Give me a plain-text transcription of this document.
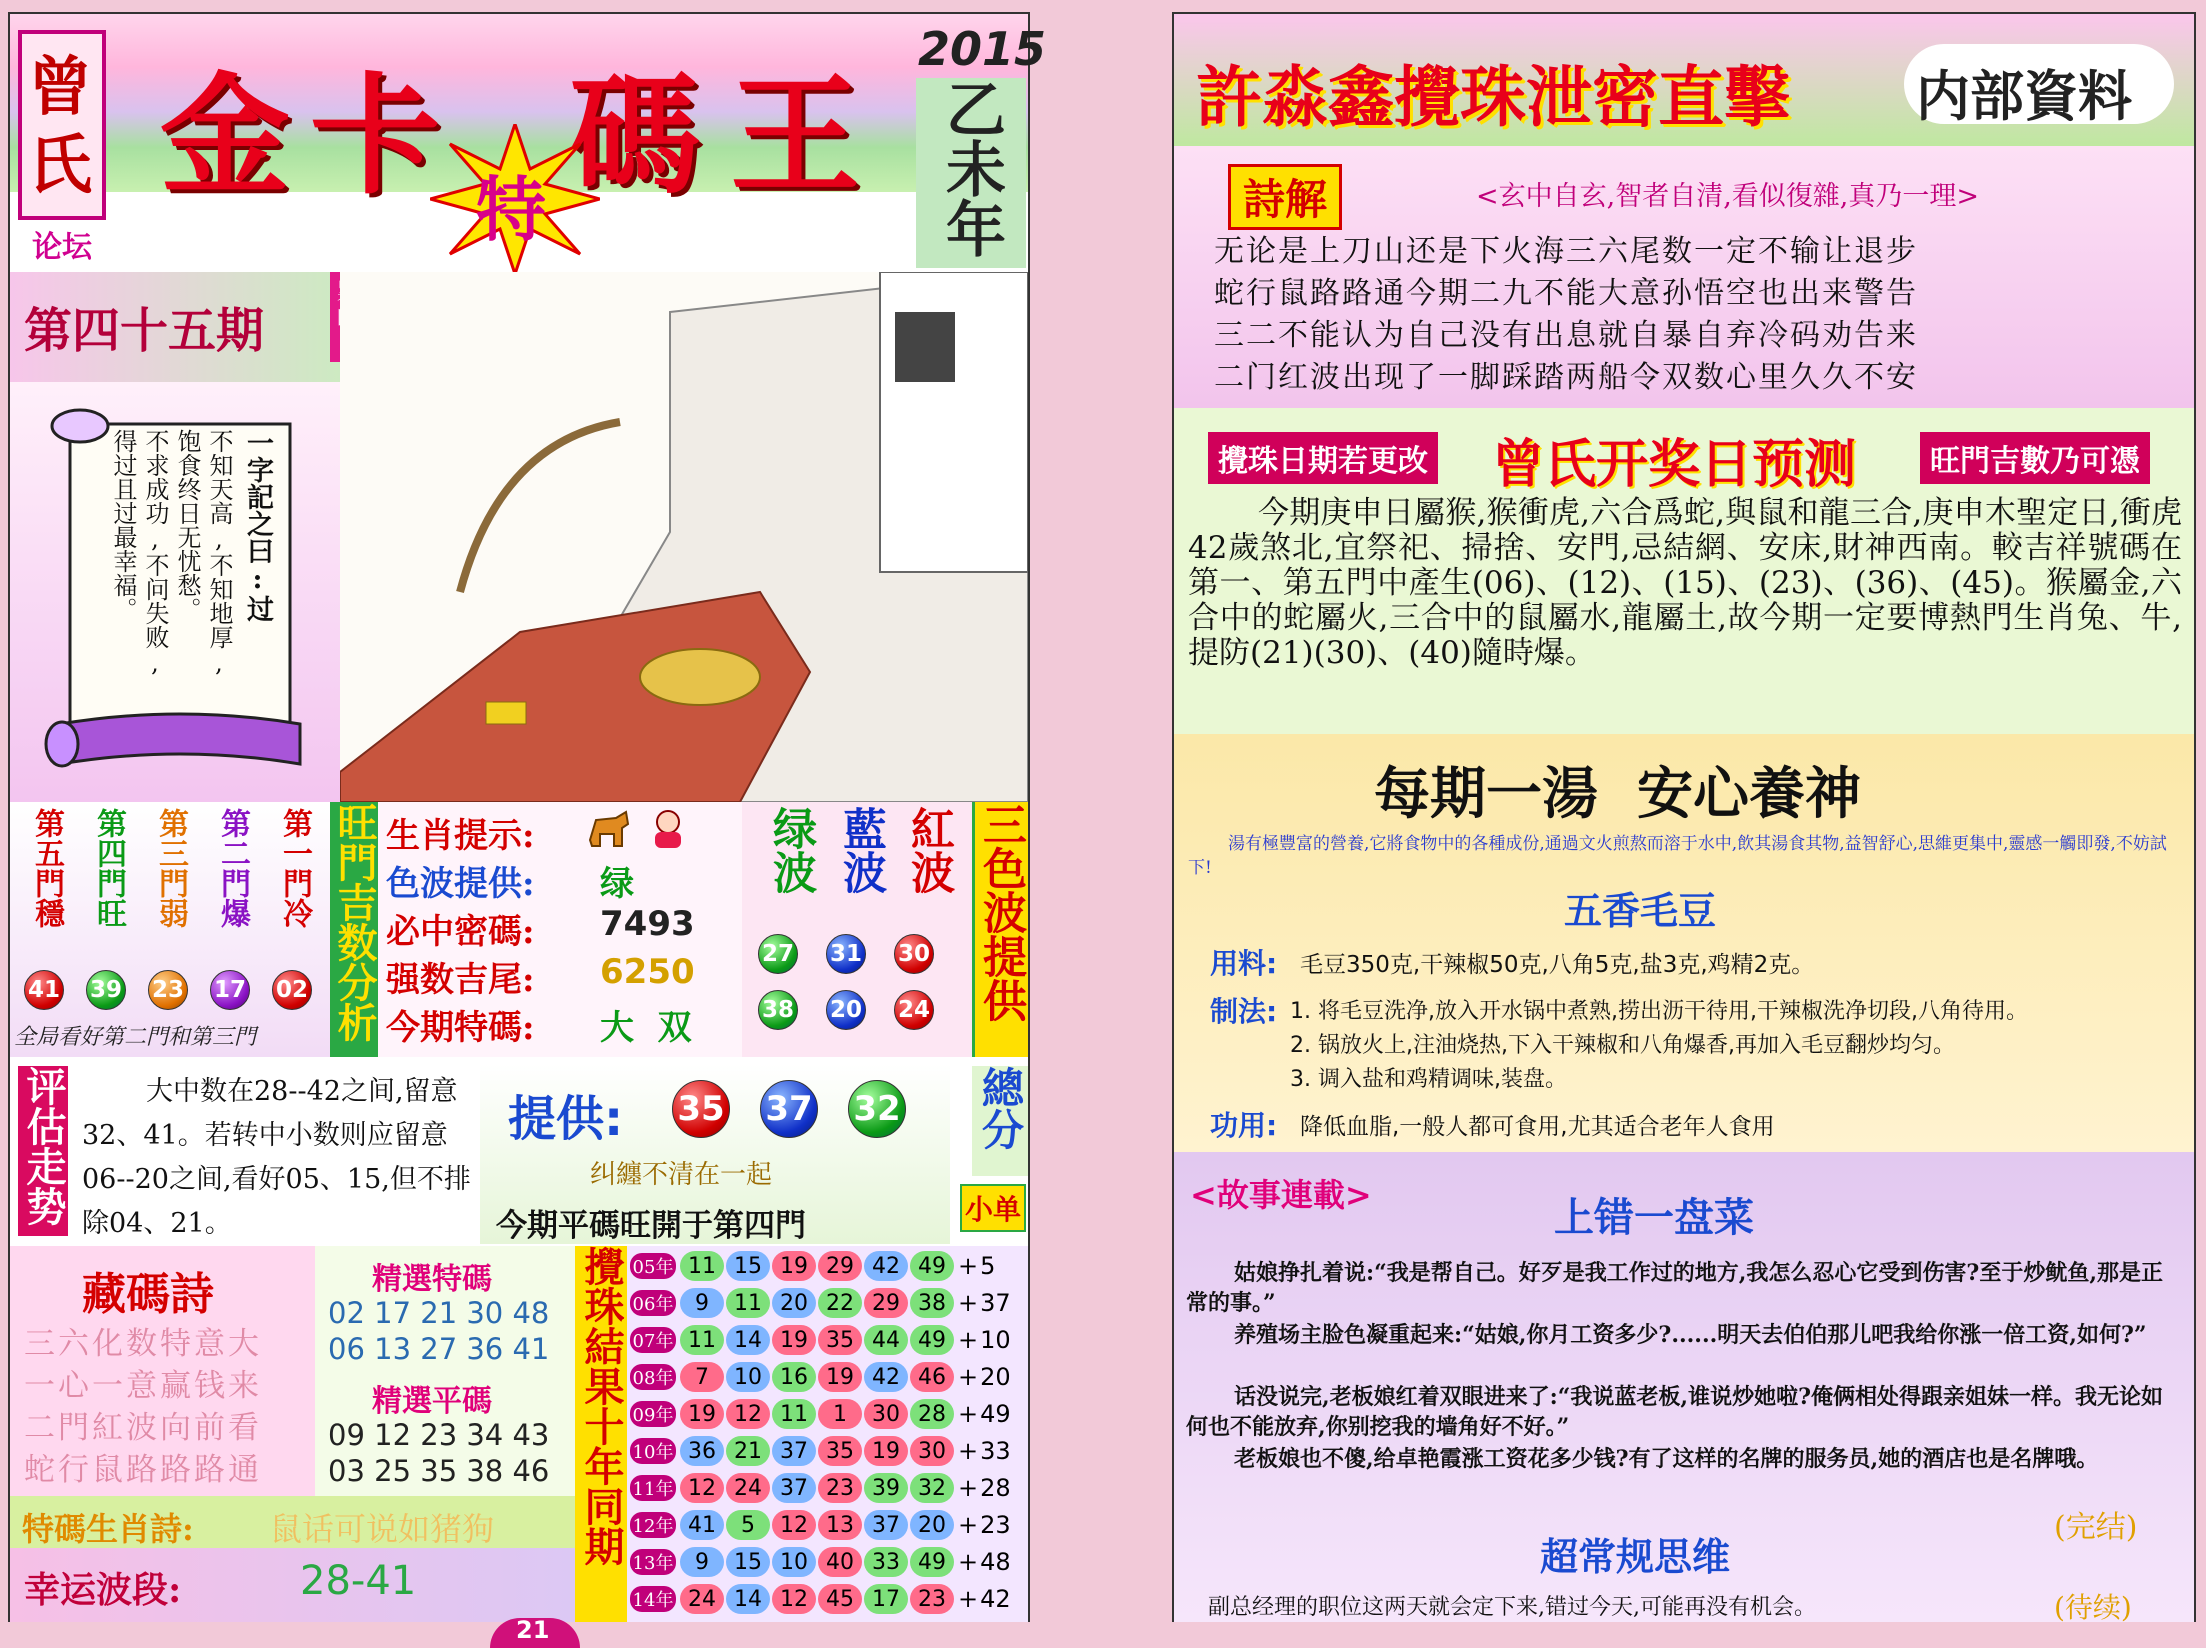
曾
氏
论坛
金 卡 碼 王
特
2015
乙未年
第四十五期
一字記之曰:过
不知天高,不知地厚,
饱食终日无忧愁。
不求成功,不问失败,
得过且过最幸福。
全局看好第二門和第三門 旺門吉数分析	绿波 藍波 紅波 三色波提供
评估走势	大中数在28--42之间,留意32、41。若转中小数则应留意06--20之间,看好05、15,但不排除04、21。
提供:
纠纏不清在一起
今期平碼旺開于第四門
總分
小单
藏碼詩	精選特碼
02 17 21 30 48
06 13 27 36 41
精選平碼
09 12 23 34 43
03 25 35 38 46
特碼生肖詩: 鼠话可说如猪狗
幸运波段:	28-41
攪珠結果十年同期 05年 11 15 19 29 42 49 + 5
06年 9	11 20 22 29 38 + 37
07年 11 14 19 35 44 49 + 10
08年 7	10 16 19 42 46 + 20
09年 19 12 11	1	30 28 + 49
10年 36 21 37 35 19 30 + 33
11年 12 24 37 23 39 32 + 28
12年 41	5	12 13 37 20 + 23
13年 9	15 10 40 33 49 + 48
14年 24 14 12 45 17 23 + 42
第五門穩
41
第四門旺
39
第三門弱
23
第二門爆
17
第一門冷
02
生肖提示:
色波提供: 绿
必中密碼: 7493
强数吉尾: 6250
今期特碼: 大  双
27 31 30
38 20 24
35 37 32
三六化数特意大
一心一意赢钱来
二門紅波向前看
蛇行鼠路路路通
許淼鑫攪珠泄密直擊 内部資料
詩解	<玄中自玄,智者自清,看似復雜,真乃一理>
攪珠日期若更改 曾氏开奖日预测	旺門吉數乃可憑
今期庚申日屬猴,猴衝虎,六合爲蛇,與鼠和龍三合,庚申木聖定日,衝虎42歲煞北,宜祭祀、掃捨、安門,忌結網、安床,財神西南。較吉祥號碼在第一、第五門中產生(06)、(12)、(15)、(23)、(36)、(45)。猴屬金,六合中的蛇屬火,三合中的鼠屬水,龍屬土,故今期一定要博熱門生肖兔、牛,提防(21)(30)、(40)隨時爆。
每期一湯  安心養神
湯有極豐富的營養,它將食物中的各種成份,通過文火煎熬而溶于水中,飲其湯食其物,益智舒心,思維更集中,靈感一觸即發,不妨試下!
五香毛豆
用料: 毛豆350克,干辣椒50克,八角5克,盐3克,鸡精2克。
制法: 1. 将毛豆洗净,放入开水锅中煮熟,捞出沥干待用,干辣椒洗净切段,八角待用。
2. 锅放火上,注油烧热,下入干辣椒和八角爆香,再加入毛豆翻炒均匀。
3. 调入盐和鸡精调味,装盘。
功用: 降低血脂,一般人都可食用,尤其适合老年人食用
<故事連載>	上错一盘菜
(完结)
超常规思维
副总经理的职位这两天就会定下来,错过今天,可能再没有机会。	(待续)
无论是上刀山还是下火海三六尾数一定不输让退步
蛇行鼠路路通今期二九不能大意孙悟空也出来警告
三二不能认为自己没有出息就自暴自弃冷码劝告来
二门红波出现了一脚踩踏两船令双数心里久久不安
姑娘挣扎着说:“我是帮自己。好歹是我工作过的地方,我怎么忍心它受到伤害?至于炒鱿鱼,那是正常的事。”
养殖场主脸色凝重起来:“姑娘,你月工资多少?......明天去伯伯那儿吧我给你涨一倍工资,如何?”
话没说完,老板娘红着双眼进来了:“我说蓝老板,谁说炒她啦?俺俩相处得跟亲姐妹一样。我无论如何也不能放弃,你别挖我的墙角好不好。”
老板娘也不傻,给卓艳霞涨工资花多少钱?有了这样的名牌的服务员,她的酒店也是名牌哦。
21
